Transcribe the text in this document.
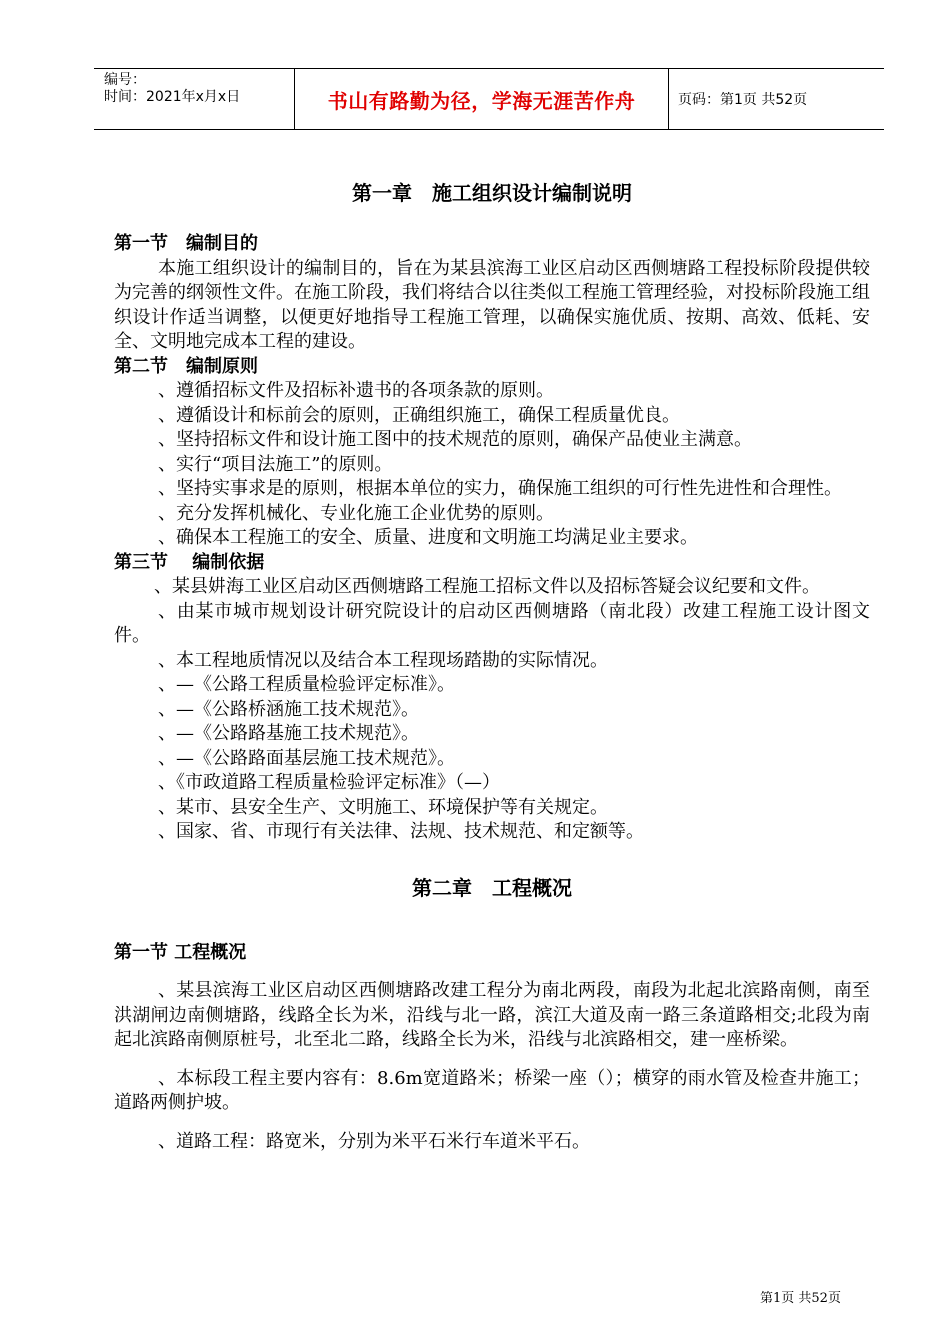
编号：
时间：2021年x月x日	书山有路勤为径，学海无涯苦作舟	页码：第1页 共52页
第一章　施工组织设计编制说明
第一节　编制目的
本施工组织设计的编制目的，旨在为某县滨海工业区启动区西侧塘路工程投标阶段提供较为完善的纲领性文件。在施工阶段，我们将结合以往类似工程施工管理经验，对投标阶段施工组织设计作适当调整，以便更好地指导工程施工管理，以确保实施优质、按期、高效、低耗、安全、文明地完成本工程的建设。
第二节　编制原则
、遵循招标文件及招标补遗书的各项条款的原则。
、遵循设计和标前会的原则，正确组织施工，确保工程质量优良。
、坚持招标文件和设计施工图中的技术规范的原则，确保产品使业主满意。
、实行“项目法施工”的原则。
、坚持实事求是的原则，根据本单位的实力，确保施工组织的可行性先进性和合理性。
、充分发挥机械化、专业化施工企业优势的原则。
、确保本工程施工的安全、质量、进度和文明施工均满足业主要求。
第三节　 编制依据
、某县妌海工业区启动区西侧塘路工程施工招标文件以及招标答疑会议纪要和文件。
、由某市城市规划设计研究院设计的启动区西侧塘路（南北段）改建工程施工设计图文件。
、本工程地质情况以及结合本工程现场踏勘的实际情况。
、—《公路工程质量检验评定标准》。
、—《公路桥涵施工技术规范》。
、—《公路路基施工技术规范》。
、—《公路路面基层施工技术规范》。
、《市政道路工程质量检验评定标准》（—）
、某市、县安全生产、文明施工、环境保护等有关规定。
、国家、省、市现行有关法律、法规、技术规范、和定额等。
第二章　工程概况
第一节 工程概况
、某县滨海工业区启动区西侧塘路改建工程分为南北两段，南段为北起北滨路南侧，南至洪湖闸边南侧塘路，线路全长为米，沿线与北一路，滨江大道及南一路三条道路相交;北段为南起北滨路南侧原桩号，北至北二路，线路全长为米，沿线与北滨路相交，建一座桥梁。
、本标段工程主要内容有：8.6m宽道路米；桥梁一座（）；横穿的雨水管及检查井施工；道路两侧护坡。
、道路工程：路宽米，分别为米平石米行车道米平石。
第1页 共52页
